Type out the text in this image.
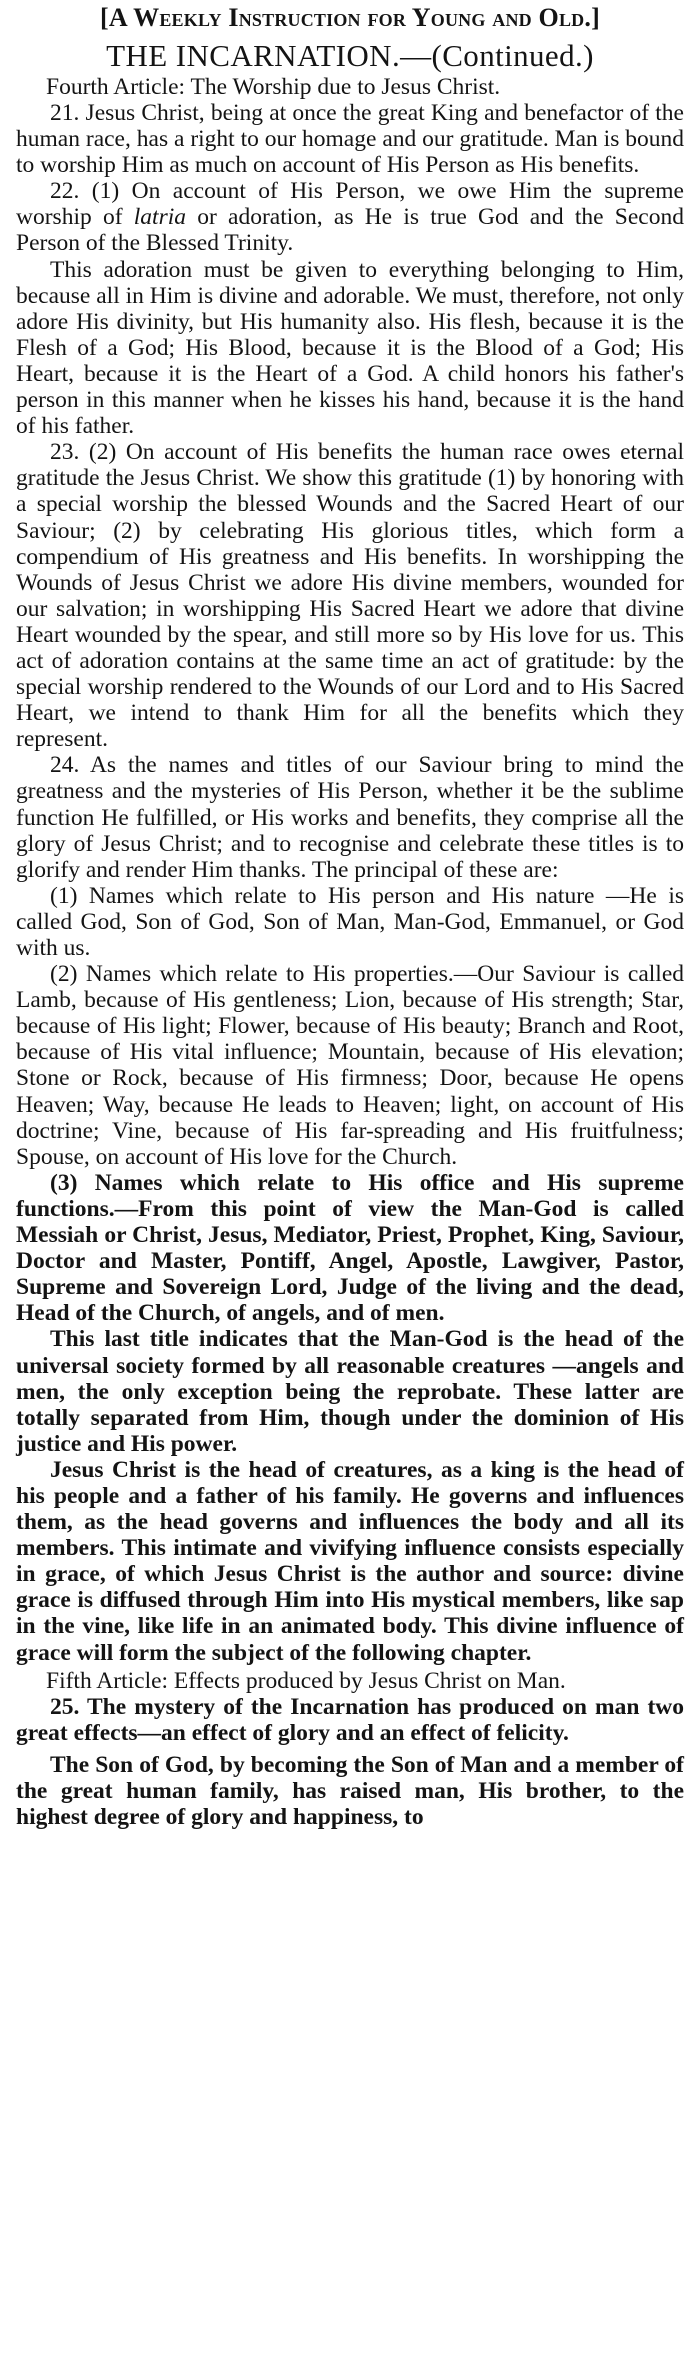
[A Weekly Instruction for Young and Old.]
THE INCARNATION.—(Continued.)
Fourth Article: The Worship due to Jesus Christ.

21. Jesus Christ, being at once the great King and benefactor of the human race, has a right to our homage and our gratitude. Man is bound to worship Him as much on account of His Person as His benefits.

22. (1) On account of His Person, we owe Him the supreme worship of latria or adoration, as He is true God and the Second Person of the Blessed Trinity.

This adoration must be given to everything belonging to Him, because all in Him is divine and adorable. We must, therefore, not only adore His divinity, but His humanity also. His flesh, because it is the Flesh of a God; His Blood, because it is the Blood of a God; His Heart, because it is the Heart of a God. A child honors his father's person in this manner when he kisses his hand, because it is the hand of his father.

23. (2) On account of His benefits the human race owes eternal gratitude the Jesus Christ. We show this gratitude (1) by honoring with a special worship the blessed Wounds and the Sacred Heart of our Saviour; (2) by celebrating His glorious titles, which form a compendium of His greatness and His benefits. In worshipping the Wounds of Jesus Christ we adore His divine members, wounded for our salvation; in worshipping His Sacred Heart we adore that divine Heart wounded by the spear, and still more so by His love for us. This act of adoration contains at the same time an act of gratitude: by the special worship rendered to the Wounds of our Lord and to His Sacred Heart, we intend to thank Him for all the benefits which they represent.

24. As the names and titles of our Saviour bring to mind the greatness and the mysteries of His Person, whether it be the sublime function He fulfilled, or His works and benefits, they comprise all the glory of Jesus Christ; and to recognise and celebrate these titles is to glorify and render Him thanks. The principal of these are:

(1) Names which relate to His person and His nature —He is called God, Son of God, Son of Man, Man-God, Emmanuel, or God with us.

(2) Names which relate to His properties.—Our Saviour is called Lamb, because of His gentleness; Lion, because of His strength; Star, because of His light; Flower, because of His beauty; Branch and Root, because of His vital influence; Mountain, because of His elevation; Stone or Rock, because of His firmness; Door, because He opens Heaven; Way, because He leads to Heaven; light, on account of His doctrine; Vine, because of His far-spreading and His fruitfulness; Spouse, on account of His love for the Church.

(3) Names which relate to His office and His supreme functions.—From this point of view the Man-God is called Messiah or Christ, Jesus, Mediator, Priest, Prophet, King, Saviour, Doctor and Master, Pontiff, Angel, Apostle, Lawgiver, Pastor, Supreme and Sovereign Lord, Judge of the living and the dead, Head of the Church, of angels, and of men.

This last title indicates that the Man-God is the head of the universal society formed by all reasonable creatures —angels and men, the only exception being the reprobate. These latter are totally separated from Him, though under the dominion of His justice and His power.

Jesus Christ is the head of creatures, as a king is the head of his people and a father of his family. He governs and influences them, as the head governs and influences the body and all its members. This intimate and vivifying influence consists especially in grace, of which Jesus Christ is the author and source: divine grace is diffused through Him into His mystical members, like sap in the vine, like life in an animated body. This divine influence of grace will form the subject of the following chapter.

Fifth Article: Effects produced by Jesus Christ on Man.

25. The mystery of the Incarnation has produced on man two great effects—an effect of glory and an effect of felicity.

The Son of God, by becoming the Son of Man and a member of the great human family, has raised man, His brother, to the highest degree of glory and happiness, to
